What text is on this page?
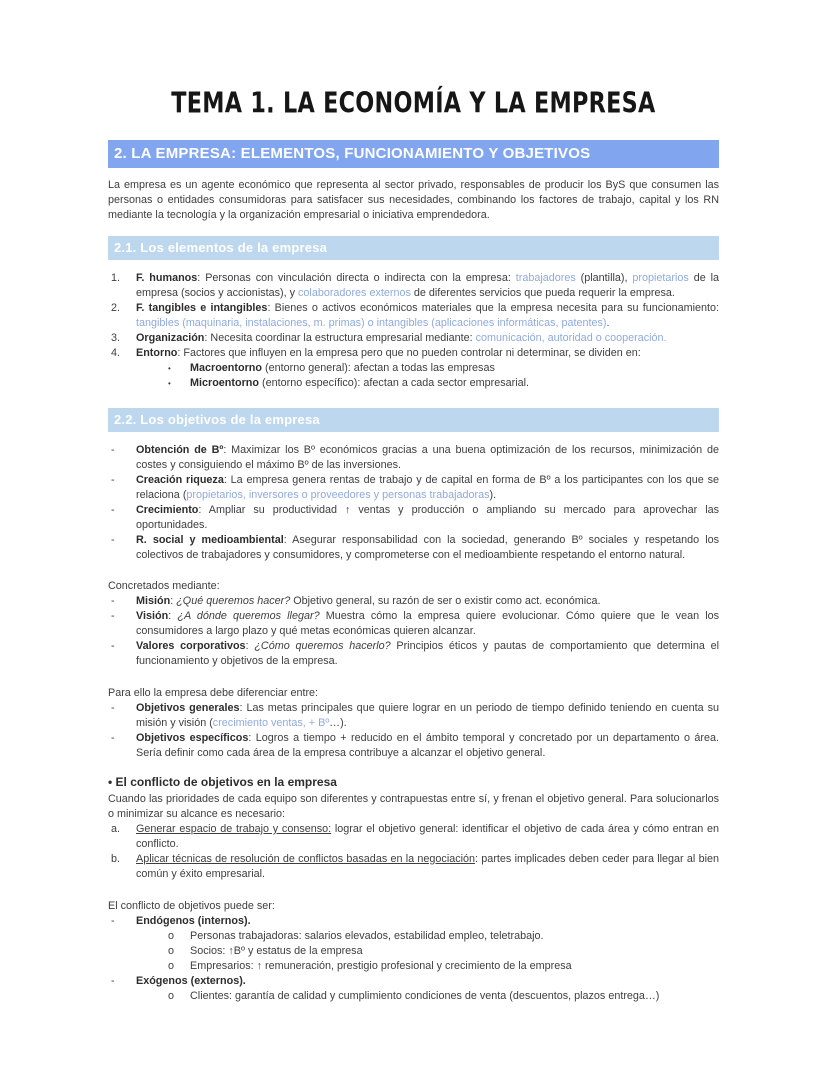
TEMA 1. LA ECONOMÍA Y LA EMPRESA
2. LA EMPRESA: ELEMENTOS, FUNCIONAMIENTO Y OBJETIVOS

La empresa es un agente económico que representa al sector privado, responsables de producir los ByS que consumen las personas o entidades consumidoras para satisfacer sus necesidades, combinando los factores de trabajo, capital y los RN mediante la tecnología y la organización empresarial o iniciativa emprendedora.

2.1. Los elementos de la empresa
1.	F. humanos: Personas con vinculación directa o indirecta con la empresa: trabajadores (plantilla), propietarios de la empresa (socios y accionistas), y colaboradores externos de diferentes servicios que pueda requerir la empresa.
2.	F. tangibles e intangibles: Bienes o activos económicos materiales que la empresa necesita para su funcionamiento: tangibles (maquinaria, instalaciones, m. primas) o intangibles (aplicaciones informáticas, patentes).
3.	Organización: Necesita coordinar la estructura empresarial mediante: comunicación, autoridad o cooperación.
4.	Entorno: Factores que influyen en la empresa pero que no pueden controlar ni determinar, se dividen en:
•	Macroentorno (entorno general): afectan a todas las empresas
•	Microentorno (entorno específico): afectan a cada sector empresarial.
2.2. Los objetivos de la empresa
-	Obtención de Bº: Maximizar los Bº económicos gracias a una buena optimización de los recursos, minimización de costes y consiguiendo el máximo Bº de las inversiones.
-	Creación riqueza: La empresa genera rentas de trabajo y de capital en forma de Bº a los participantes con los que se relaciona (propietarios, inversores o proveedores y personas trabajadoras).
-	Crecimiento: Ampliar su productividad ↑ ventas y producción o ampliando su mercado para aprovechar las oportunidades.
-	R. social y medioambiental: Asegurar responsabilidad con la sociedad, generando Bº sociales y respetando los colectivos de trabajadores y consumidores, y comprometerse con el medioambiente respetando el entorno natural.

Concretados mediante:

-	Misión: ¿Qué queremos hacer? Objetivo general, su razón de ser o existir como act. económica.
-	Visión: ¿A dónde queremos llegar? Muestra cómo la empresa quiere evolucionar. Cómo quiere que le vean los consumidores a largo plazo y qué metas económicas quieren alcanzar.
-	Valores corporativos: ¿Cómo queremos hacerlo? Principios éticos y pautas de comportamiento que determina el funcionamiento y objetivos de la empresa.

Para ello la empresa debe diferenciar entre:

-	Objetivos generales: Las metas principales que quiere lograr en un periodo de tiempo definido teniendo en cuenta su misión y visión (crecimiento ventas, + Bº…).
-	Objetivos específicos: Logros a tiempo + reducido en el ámbito temporal y concretado por un departamento o área. Sería definir como cada área de la empresa contribuye a alcanzar el objetivo general.
• El conflicto de objetivos en la empresa

Cuando las prioridades de cada equipo son diferentes y contrapuestas entre sí, y frenan el objetivo general. Para solucionarlos o minimizar su alcance es necesario:

a.	Generar espacio de trabajo y consenso: lograr el objetivo general: identificar el objetivo de cada área y cómo entran en conflicto.
b.	Aplicar técnicas de resolución de conflictos basadas en la negociación: partes implicades deben ceder para llegar al bien común y éxito empresarial.

El conflicto de objetivos puede ser:

-	Endógenos (internos).
o	Personas trabajadoras: salarios elevados, estabilidad empleo, teletrabajo.
o	Socios: ↑Bº y estatus de la empresa
o	Empresarios: ↑ remuneración, prestigio profesional y crecimiento de la empresa
-	Exógenos (externos).
o	Clientes: garantía de calidad y cumplimiento condiciones de venta (descuentos, plazos entrega…)
